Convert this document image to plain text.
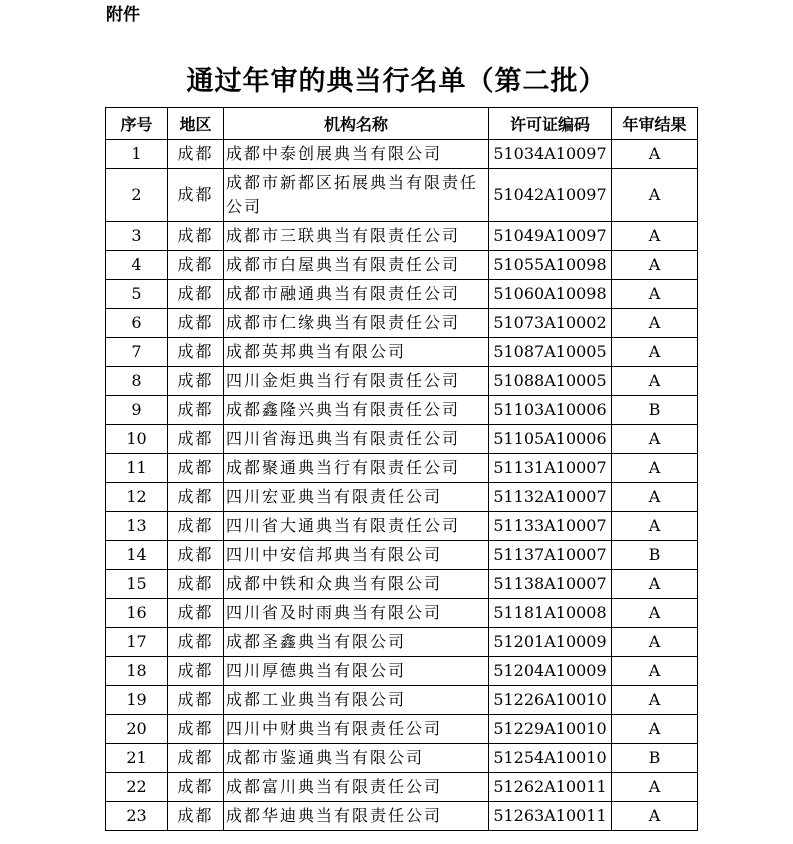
附件
通过年审的典当行名单（第二批）
序号	地区	机构名称	许可证编码	年审结果
1	成都	成都中泰创展典当有限公司	51034A10097	A
2	成都	成都市新都区拓展典当有限责任公司	51042A10097	A
3	成都	成都市三联典当有限责任公司	51049A10097	A
4	成都	成都市白屋典当有限责任公司	51055A10098	A
5	成都	成都市融通典当有限责任公司	51060A10098	A
6	成都	成都市仁缘典当有限责任公司	51073A10002	A
7	成都	成都英邦典当有限公司	51087A10005	A
8	成都	四川金炬典当行有限责任公司	51088A10005	A
9	成都	成都鑫隆兴典当有限责任公司	51103A10006	B
10	成都	四川省海迅典当有限责任公司	51105A10006	A
11	成都	成都聚通典当行有限责任公司	51131A10007	A
12	成都	四川宏亚典当有限责任公司	51132A10007	A
13	成都	四川省大通典当有限责任公司	51133A10007	A
14	成都	四川中安信邦典当有限公司	51137A10007	B
15	成都	成都中铁和众典当有限公司	51138A10007	A
16	成都	四川省及时雨典当有限公司	51181A10008	A
17	成都	成都圣鑫典当有限公司	51201A10009	A
18	成都	四川厚德典当有限公司	51204A10009	A
19	成都	成都工业典当有限公司	51226A10010	A
20	成都	四川中财典当有限责任公司	51229A10010	A
21	成都	成都市鉴通典当有限公司	51254A10010	B
22	成都	成都富川典当有限责任公司	51262A10011	A
23	成都	成都华迪典当有限责任公司	51263A10011	A
